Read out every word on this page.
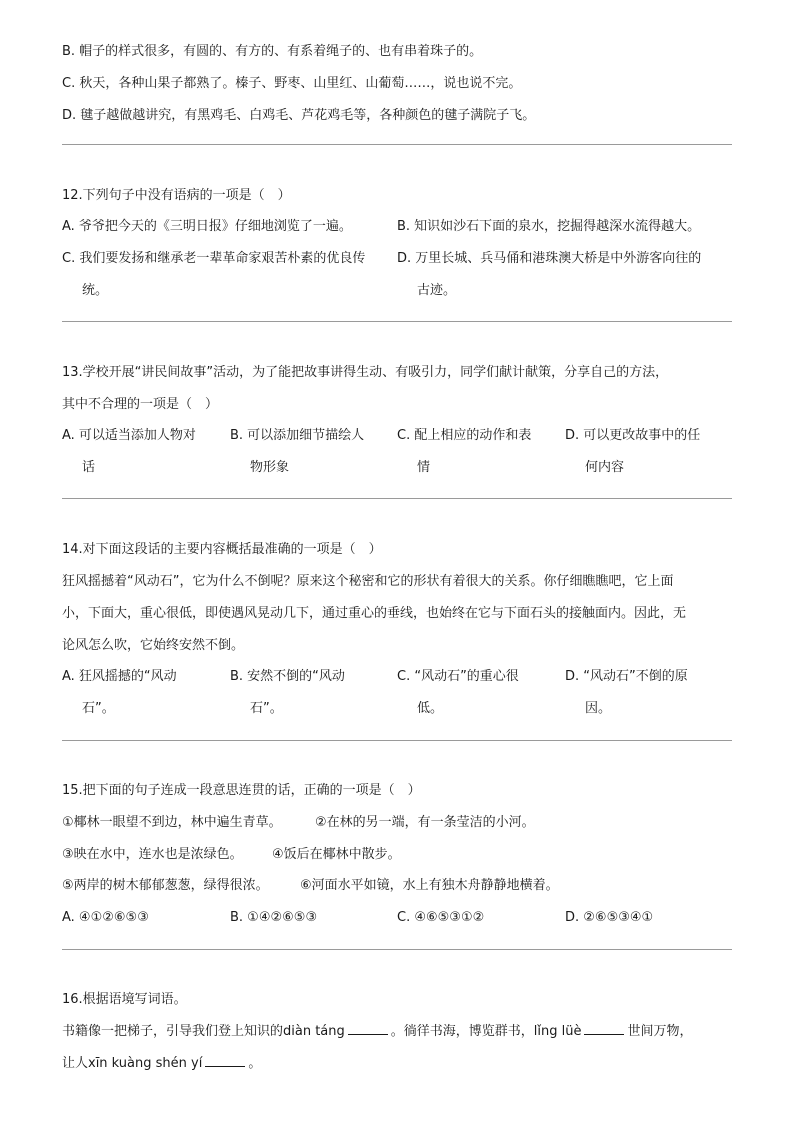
B. 帽子的样式很多，有圆的、有方的、有系着绳子的、也有串着珠子的。
C. 秋天，各种山果子都熟了。榛子、野枣、山里红、山葡萄……，说也说不完。
D. 毽子越做越讲究，有黑鸡毛、白鸡毛、芦花鸡毛等，各种颜色的毽子满院子飞。
12.下列句子中没有语病的一项是（　）
A. 爷爷把今天的《三明日报》仔细地浏览了一遍。	B. 知识如沙石下面的泉水，挖掘得越深水流得越大。
C. 我们要发扬和继承老一辈革命家艰苦朴素的优良传
统。
D. 万里长城、兵马俑和港珠澳大桥是中外游客向往的
古迹。
13.学校开展“讲民间故事”活动，为了能把故事讲得生动、有吸引力，同学们献计献策，分享自己的方法，
其中不合理的一项是（　）
A. 可以适当添加人物对
话
B. 可以添加细节描绘人
物形象
C. 配上相应的动作和表
情
D. 可以更改故事中的任
何内容
14.对下面这段话的主要内容概括最准确的一项是（　）
狂风摇撼着“风动石”，它为什么不倒呢？原来这个秘密和它的形状有着很大的关系。你仔细瞧瞧吧，它上面
小，下面大，重心很低，即使遇风晃动几下，通过重心的垂线，也始终在它与下面石头的接触面内。因此，无
论风怎么吹，它始终安然不倒。
A. 狂风摇撼的“风动
石”。
B. 安然不倒的“风动
石”。
C. “风动石”的重心很
低。
D. “风动石”不倒的原
因。
15.把下面的句子连成一段意思连贯的话，正确的一项是（　）
①椰林一眼望不到边，林中遍生青草。	②在林的另一端，有一条莹洁的小河。
③映在水中，连水也是浓绿色。 ④饭后在椰林中散步。
⑤两岸的树木郁郁葱葱，绿得很浓。 ⑥河面水平如镜，水上有独木舟静静地横着。
A. ④①②⑥⑤③	B. ①④②⑥⑤③	C. ④⑥⑤③①②	D. ②⑥⑤③④①
16.根据语境写词语。
书籍像一把梯子，引导我们登上知识的diàn táng	。徜徉书海，博览群书，lǐng lüè	世间万物，
让人xīn kuàng shén yí	。
